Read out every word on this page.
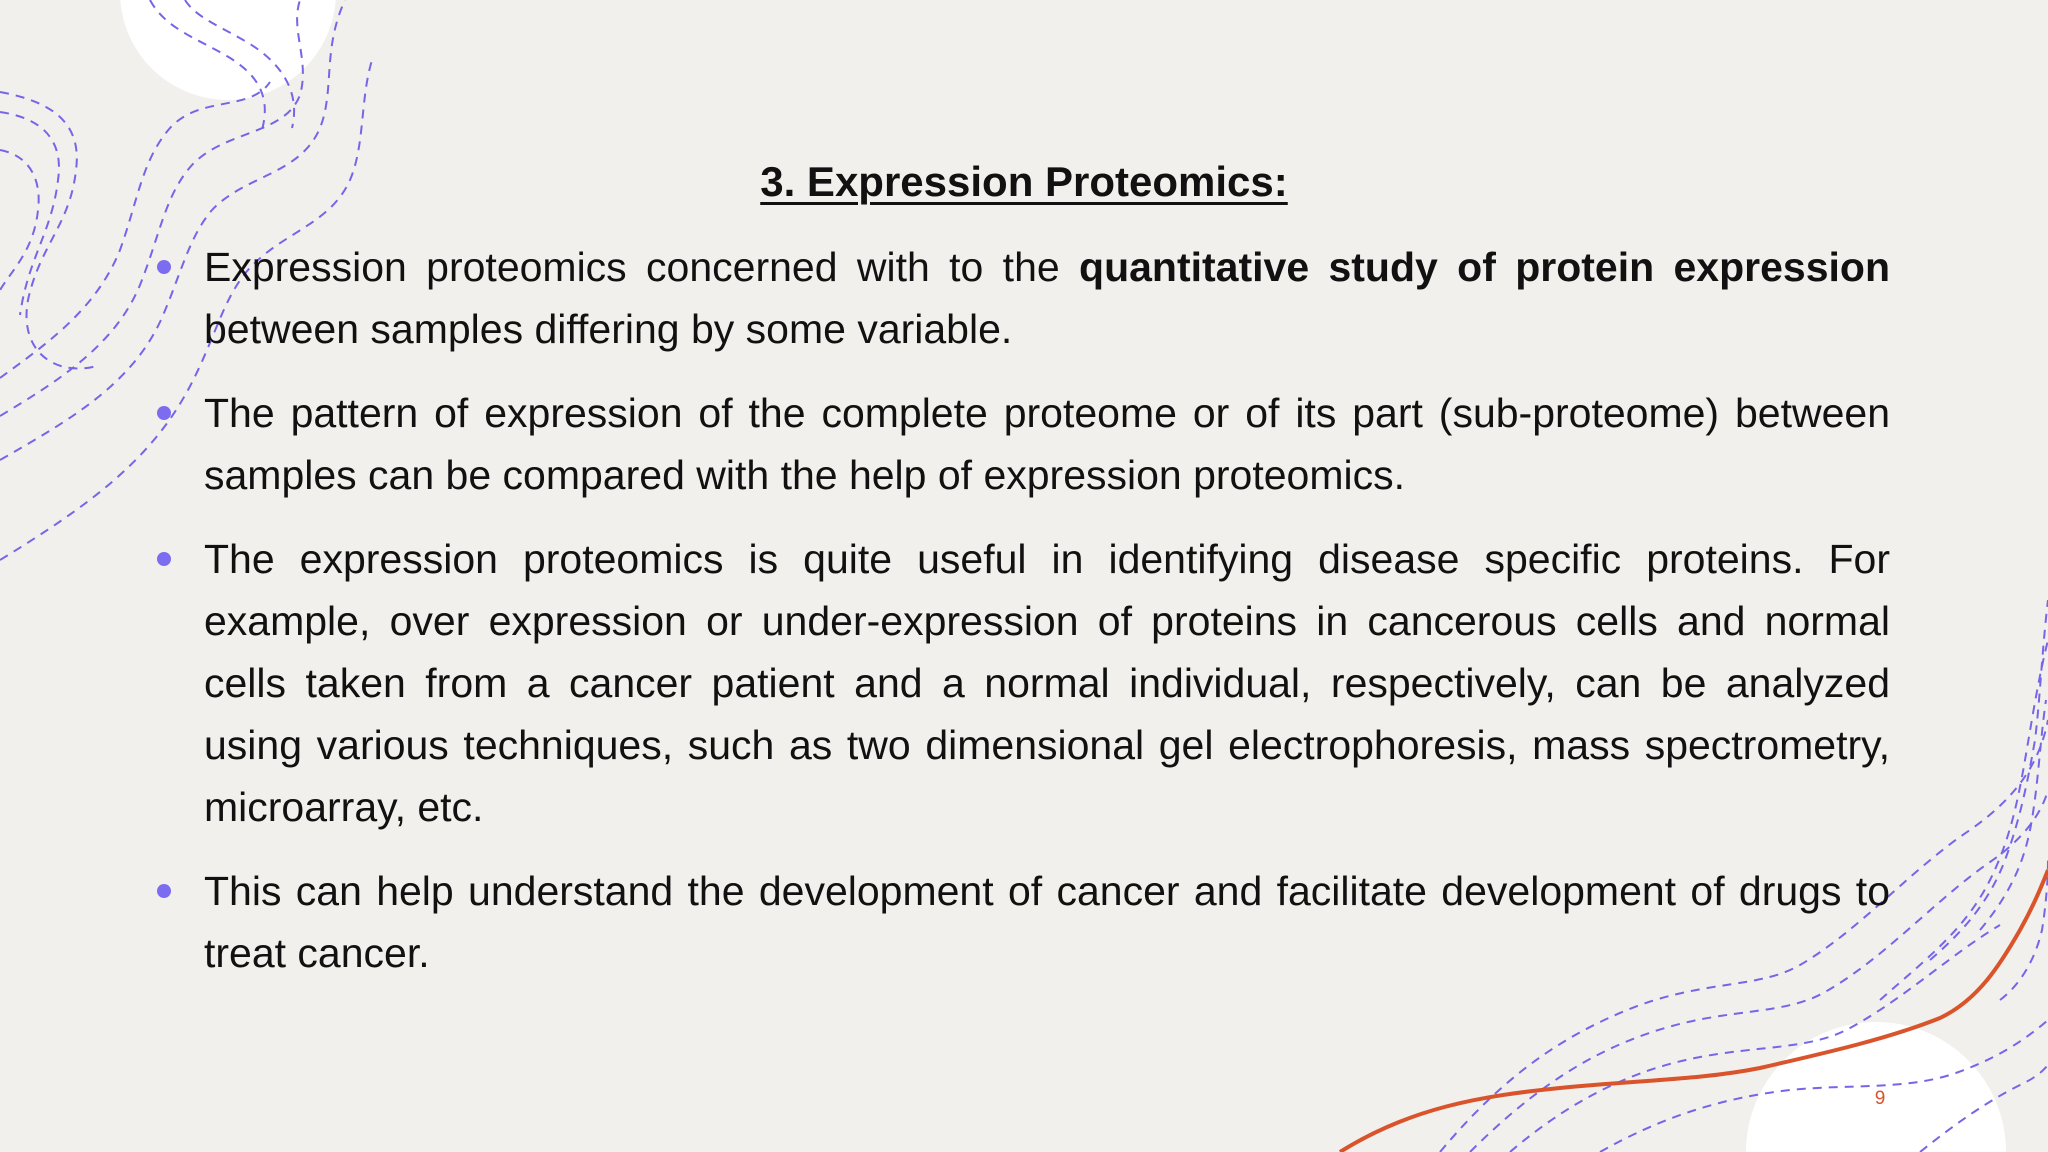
3. Expression Proteomics:
Expression proteomics concerned with to the quantitative study of protein expression between samples differing by some variable.
The pattern of expression of the complete proteome or of its part (sub-proteome) between samples can be compared with the help of expression proteomics.
The expression proteomics is quite useful in identifying disease specific proteins. For example, over expression or under-expression of proteins in cancerous cells and normal cells taken from a cancer patient and a normal individual, respectively, can be analyzed using various techniques, such as two dimensional gel electrophoresis, mass spectrometry, microarray, etc.
This can help understand the development of cancer and facilitate development of drugs to treat cancer.
9
